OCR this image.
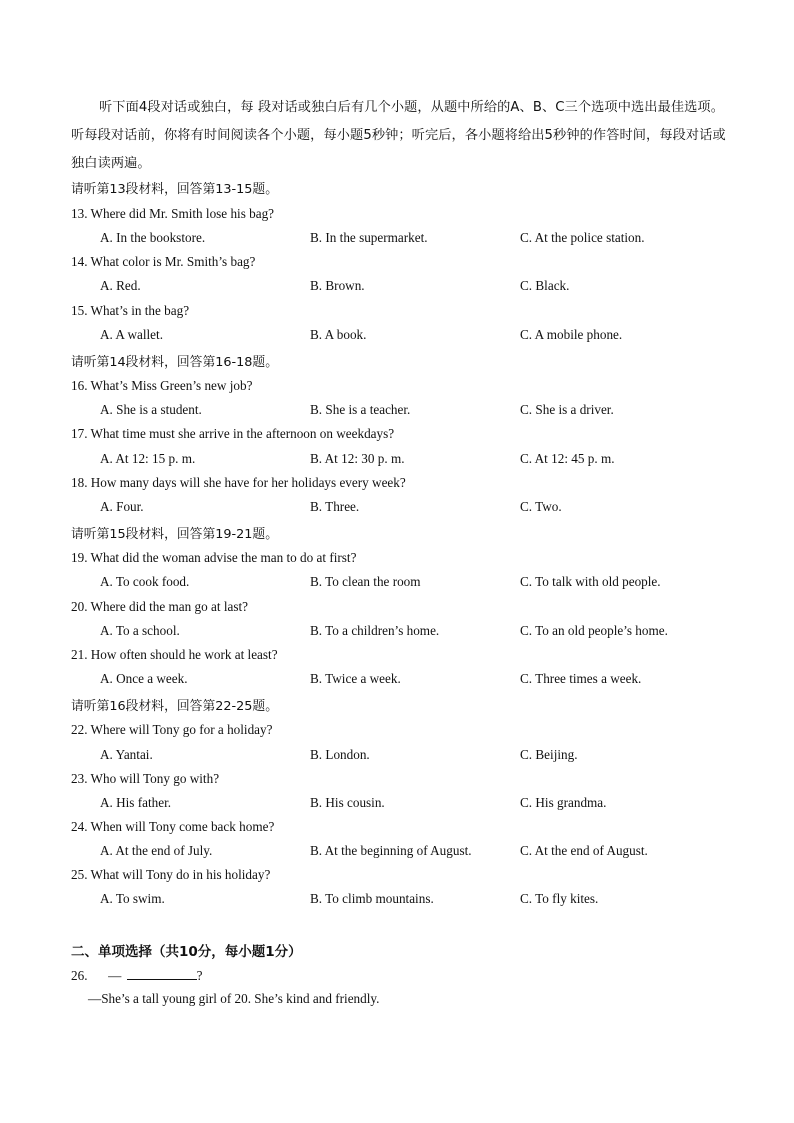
听下面4段对话或独白，每 段对话或独白后有几个小题，从题中所给的A、B、C三个选项中选出最佳选项。听每段对话前，你将有时间阅读各个小题，每小题5秒钟；听完后，各小题将给出5秒钟的作答时间，每段对话或独白读两遍。

请听第13段材料，回答第13-15题。
13. Where did Mr. Smith lose his bag?
A. In the bookstore.	B. In the supermarket.	C. At the police station.
14. What color is Mr. Smith’s bag?
A. Red.	B. Brown.	C. Black.
15. What’s in the bag?
A. A wallet.	B. A book.	C. A mobile phone.
请听第14段材料，回答第16-18题。
16. What’s Miss Green’s new job?
A. She is a student.	B. She is a teacher.	C. She is a driver.
17. What time must she arrive in the afternoon on weekdays?
A. At 12: 15 p. m.	B. At 12: 30 p. m.	C. At 12: 45 p. m.
18. How many days will she have for her holidays every week?
A. Four.	B. Three.	C. Two.
请听第15段材料，回答第19-21题。
19. What did the woman advise the man to do at first?
A. To cook food.	B. To clean the room	C. To talk with old people.
20. Where did the man go at last?
A. To a school.	B. To a children’s home.	C. To an old people’s home.
21. How often should he work at least?
A. Once a week.	B. Twice a week.	C. Three times a week.
请听第16段材料，回答第22-25题。
22. Where will Tony go for a holiday?
A. Yantai.	B. London.	C. Beijing.
23. Who will Tony go with?
A. His father.	B. His cousin.	C. His grandma.
24. When will Tony come back home?
A. At the end of July.	B. At the beginning of August.	C. At the end of August.
25. What will Tony do in his holiday?
A. To swim.	B. To climb mountains.	C. To fly kites.
二、单项选择（共10分，每小题1分）
26. —	?
—She’s a tall young girl of 20. She’s kind and friendly.
